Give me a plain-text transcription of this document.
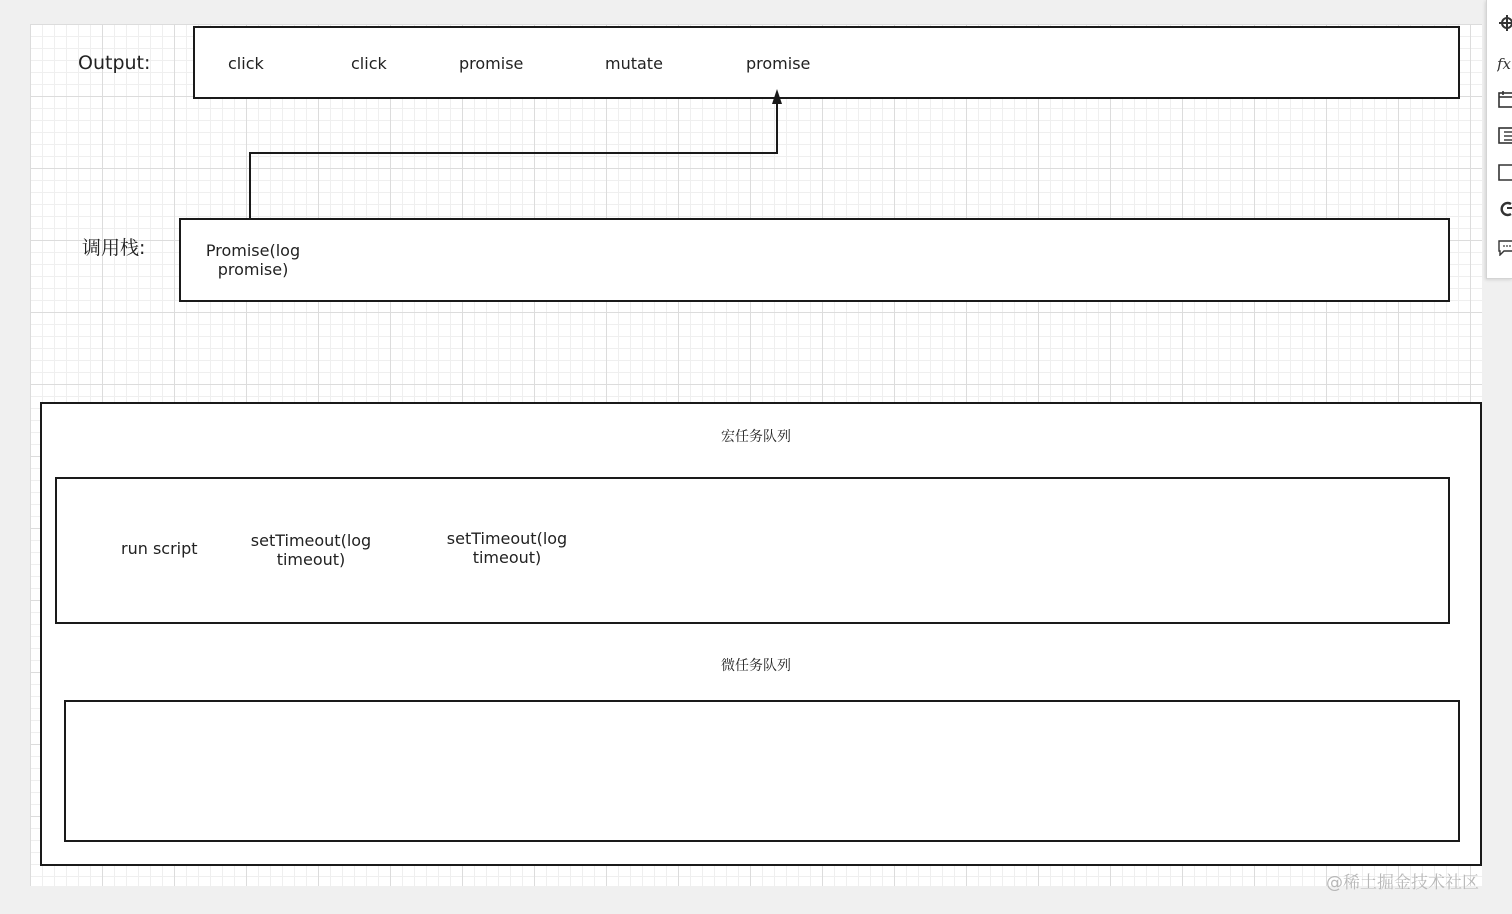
Output:	click	click	promise	mutate	promise
调用栈:	Promise(log
promise)
宏任务队列
run script	setTimeout(log
timeout)
setTimeout(log
timeout)
微任务队列
ƒx
@稀土掘金技术社区
